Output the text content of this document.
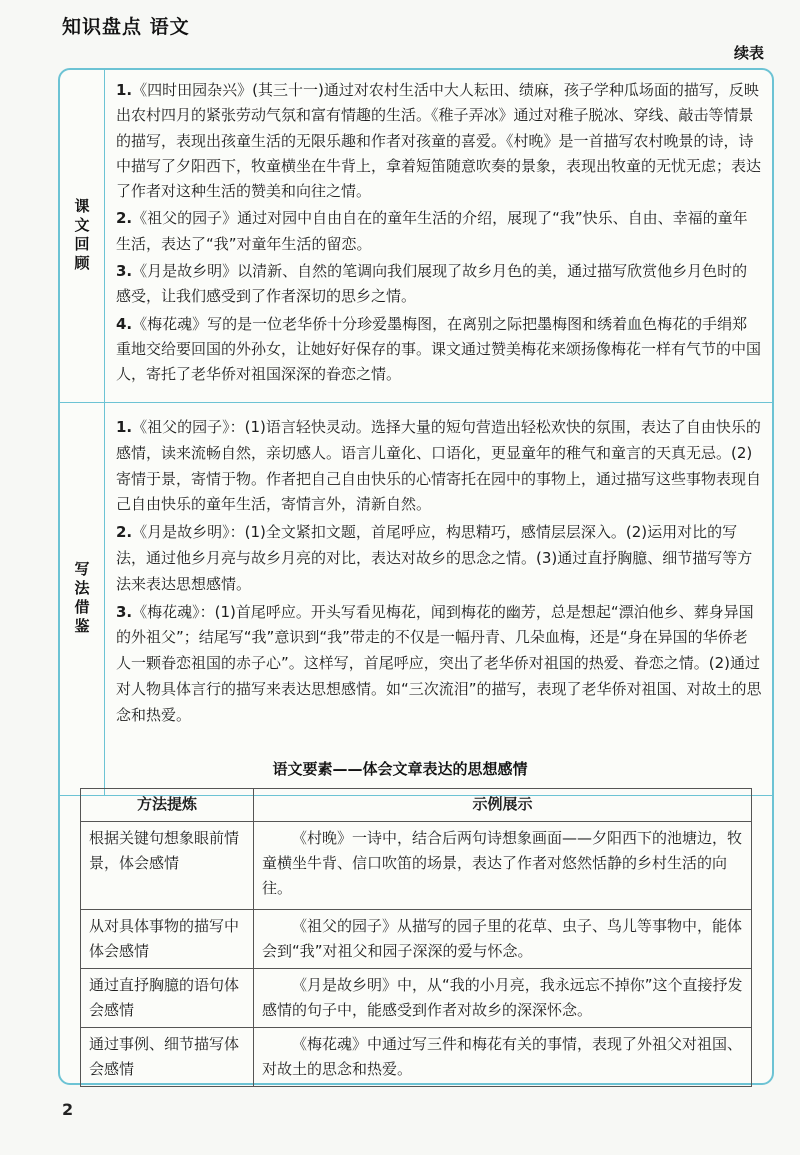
知识盘点 语文
续表
课文回顾

1.《四时田园杂兴》(其三十一)通过对农村生活中大人耘田、绩麻，孩子学种瓜场面的描写，反映出农村四月的紧张劳动气氛和富有情趣的生活。《稚子弄冰》通过对稚子脱冰、穿线、敲击等情景的描写，表现出孩童生活的无限乐趣和作者对孩童的喜爱。《村晚》是一首描写农村晚景的诗，诗中描写了夕阳西下，牧童横坐在牛背上，拿着短笛随意吹奏的景象，表现出牧童的无忧无虑；表达了作者对这种生活的赞美和向往之情。

2.《祖父的园子》通过对园中自由自在的童年生活的介绍，展现了“我”快乐、自由、幸福的童年生活，表达了“我”对童年生活的留恋。

3.《月是故乡明》以清新、自然的笔调向我们展现了故乡月色的美，通过描写欣赏他乡月色时的感受，让我们感受到了作者深切的思乡之情。

4.《梅花魂》写的是一位老华侨十分珍爱墨梅图，在离别之际把墨梅图和绣着血色梅花的手绢郑重地交给要回国的外孙女，让她好好保存的事。课文通过赞美梅花来颂扬像梅花一样有气节的中国人，寄托了老华侨对祖国深深的眷恋之情。

写法借鉴

1.《祖父的园子》：(1)语言轻快灵动。选择大量的短句营造出轻松欢快的氛围，表达了自由快乐的感情，读来流畅自然，亲切感人。语言儿童化、口语化，更显童年的稚气和童言的天真无忌。(2)寄情于景，寄情于物。作者把自己自由快乐的心情寄托在园中的事物上，通过描写这些事物表现自己自由快乐的童年生活，寄情言外，清新自然。

2.《月是故乡明》：(1)全文紧扣文题，首尾呼应，构思精巧，感情层层深入。(2)运用对比的写法，通过他乡月亮与故乡月亮的对比，表达对故乡的思念之情。(3)通过直抒胸臆、细节描写等方法来表达思想感情。

3.《梅花魂》：(1)首尾呼应。开头写看见梅花，闻到梅花的幽芳，总是想起“漂泊他乡、葬身异国的外祖父”；结尾写“我”意识到“我”带走的不仅是一幅丹青、几朵血梅，还是“身在异国的华侨老人一颗眷恋祖国的赤子心”。这样写，首尾呼应，突出了老华侨对祖国的热爱、眷恋之情。(2)通过对人物具体言行的描写来表达思想感情。如“三次流泪”的描写，表现了老华侨对祖国、对故土的思念和热爱。

语文要素——体会文章表达的思想感情
方法提炼	示例展示
根据关键句想象眼前情景，体会感情	《村晚》一诗中，结合后两句诗想象画面——夕阳西下的池塘边，牧童横坐牛背、信口吹笛的场景，表达了作者对悠然恬静的乡村生活的向往。
从对具体事物的描写中体会感情	《祖父的园子》从描写的园子里的花草、虫子、鸟儿等事物中，能体会到“我”对祖父和园子深深的爱与怀念。
通过直抒胸臆的语句体会感情	《月是故乡明》中，从“我的小月亮，我永远忘不掉你”这个直接抒发感情的句子中，能感受到作者对故乡的深深怀念。
通过事例、细节描写体会感情	《梅花魂》中通过写三件和梅花有关的事情，表现了外祖父对祖国、对故土的思念和热爱。
2
